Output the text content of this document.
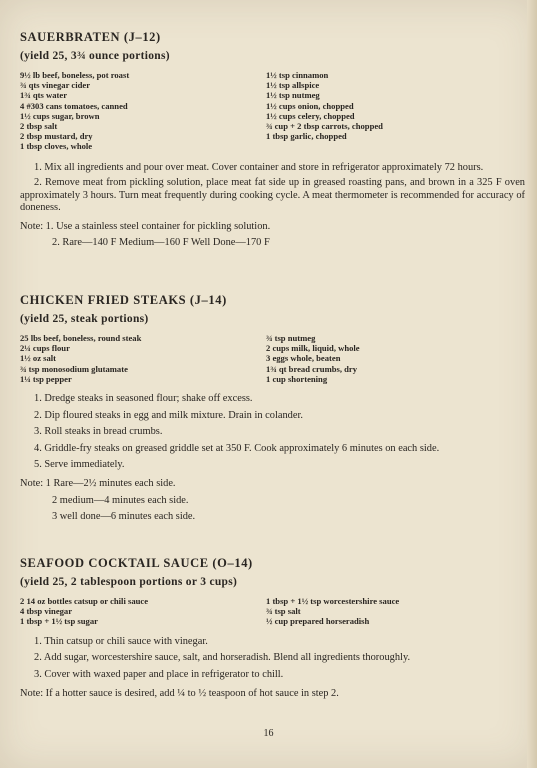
SAUERBRATEN (J–12)

(yield 25, 3¾ ounce portions)

9½ lb beef, boneless, pot roast
¾ qts vinegar cider
1¾ qts water
4 #303 cans tomatoes, canned
1½ cups sugar, brown
2 tbsp salt
2 tbsp mustard, dry
1 tbsp cloves, whole
1½ tsp cinnamon
1½ tsp allspice
1½ tsp nutmeg
1½ cups onion, chopped
1½ cups celery, chopped
¾ cup + 2 tbsp carrots, chopped
1 tbsp garlic, chopped

1. Mix all ingredients and pour over meat. Cover container and store in refrigerator approximately 72 hours.

2. Remove meat from pickling solution, place meat fat side up in greased roasting pans, and brown in a 325 F oven approximately 3 hours. Turn meat frequently during cooking cycle. A meat thermometer is recommended for accuracy of doneness.

Note: 1. Use a stainless steel container for pickling solution.

2. Rare—140 F Medium—160 F Well Done—170 F

CHICKEN FRIED STEAKS (J–14)

(yield 25, steak portions)

25 lbs beef, boneless, round steak
2¼ cups flour
1½ oz salt
¾ tsp monosodium glutamate
1¼ tsp pepper
¾ tsp nutmeg
2 cups milk, liquid, whole
3 eggs whole, beaten
1¾ qt bread crumbs, dry
1 cup shortening

1. Dredge steaks in seasoned flour; shake off excess.

2. Dip floured steaks in egg and milk mixture. Drain in colander.

3. Roll steaks in bread crumbs.

4. Griddle-fry steaks on greased griddle set at 350 F. Cook approximately 6 minutes on each side.

5. Serve immediately.

Note: 1 Rare—2½ minutes each side.

2 medium—4 minutes each side.

3 well done—6 minutes each side.

SEAFOOD COCKTAIL SAUCE (O–14)

(yield 25, 2 tablespoon portions or 3 cups)

2 14 oz bottles catsup or chili sauce
4 tbsp vinegar
1 tbsp + 1½ tsp sugar
1 tbsp + 1½ tsp worcestershire sauce
¾ tsp salt
½ cup prepared horseradish

1. Thin catsup or chili sauce with vinegar.

2. Add sugar, worcestershire sauce, salt, and horseradish. Blend all ingredients thoroughly.

3. Cover with waxed paper and place in refrigerator to chill.

Note: If a hotter sauce is desired, add ¼ to ½ teaspoon of hot sauce in step 2.

16
